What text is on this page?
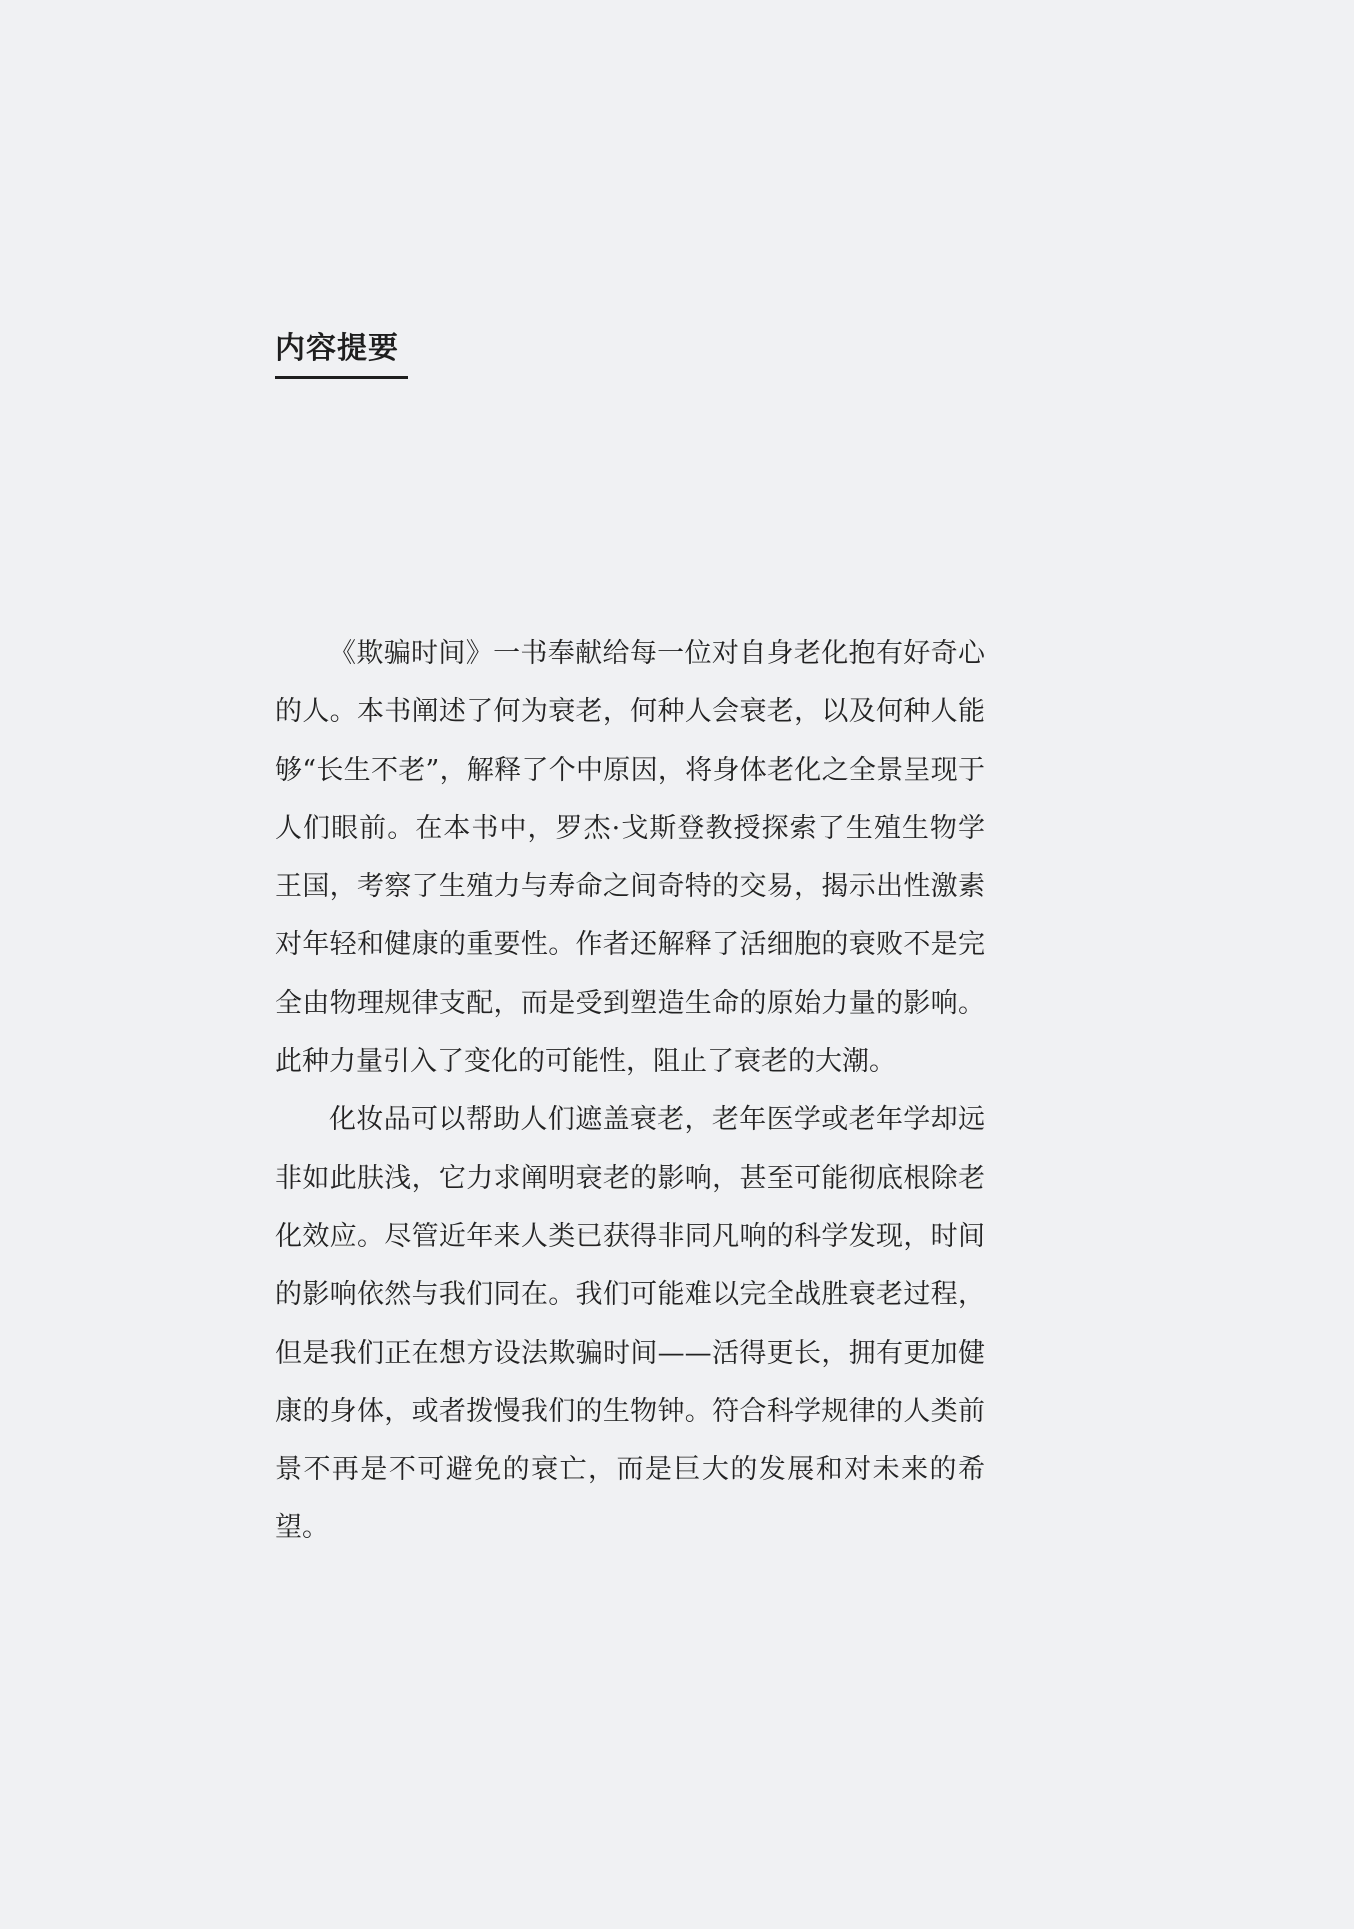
内容提要

《欺骗时间》一书奉献给每一位对自身老化抱有好奇心的人。本书阐述了何为衰老，何种人会衰老，以及何种人能够“长生不老”，解释了个中原因，将身体老化之全景呈现于人们眼前。在本书中，罗杰·戈斯登教授探索了生殖生物学王国，考察了生殖力与寿命之间奇特的交易，揭示出性激素对年轻和健康的重要性。作者还解释了活细胞的衰败不是完全由物理规律支配，而是受到塑造生命的原始力量的影响。此种力量引入了变化的可能性，阻止了衰老的大潮。

化妆品可以帮助人们遮盖衰老，老年医学或老年学却远非如此肤浅，它力求阐明衰老的影响，甚至可能彻底根除老化效应。尽管近年来人类已获得非同凡响的科学发现，时间的影响依然与我们同在。我们可能难以完全战胜衰老过程，但是我们正在想方设法欺骗时间——活得更长，拥有更加健康的身体，或者拨慢我们的生物钟。符合科学规律的人类前景不再是不可避免的衰亡，而是巨大的发展和对未来的希望。
